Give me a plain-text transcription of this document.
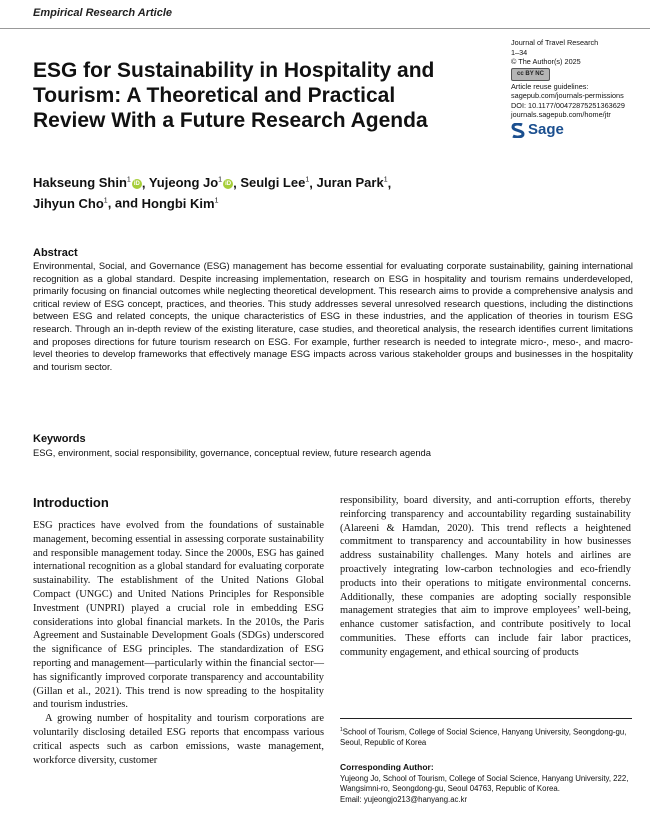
Empirical Research Article
ESG for Sustainability in Hospitality and Tourism: A Theoretical and Practical Review With a Future Research Agenda
Journal of Travel Research
1–34
© The Author(s) 2025
cc BY NC
Article reuse guidelines:
sagepub.com/journals-permissions
DOI: 10.1177/00472875251363629
journals.sagepub.com/home/jtr
Sage
Hakseung Shin$^1$ iD , Yujeong Jo$^1$ iD , Seulgi Lee$^1$, Juran Park$^1$,
Jihyun Cho$^1$, and Hongbi Kim$^1$
Abstract
Environmental, Social, and Governance (ESG) management has become essential for evaluating corporate sustainability, gaining international recognition as a global standard. Despite increasing implementation, research on ESG in hospitality and tourism remains underdeveloped, primarily focusing on financial outcomes while neglecting theoretical development. This research aims to provide a comprehensive analysis and critical review of ESG concept, practices, and theories. This study addresses several unresolved research questions, including the distinctions between ESG and related concepts, the unique characteristics of ESG in these industries, and the application of theories in tourism ESG research. Through an in-depth review of the existing literature, case studies, and theoretical analysis, the research identifies current limitations and proposes directions for future tourism research on ESG. For example, further research is needed to integrate micro-, meso-, and macro-level theories to develop frameworks that effectively manage ESG impacts across various stakeholder groups and businesses in the hospitality and tourism sector.
Keywords
ESG, environment, social responsibility, governance, conceptual review, future research agenda
Introduction

ESG practices have evolved from the foundations of sustainable management, becoming essential in assessing corporate sustainability and responsible management today. Since the 2000s, ESG has gained international recognition as a global standard for evaluating corporate sustainability. The establishment of the United Nations Global Compact (UNGC) and United Nations Principles for Responsible Investment (UNPRI) played a crucial role in embedding ESG considerations into global financial markets. In the 2010s, the Paris Agreement and Sustainable Development Goals (SDGs) underscored the significance of ESG principles. The standardization of ESG reporting and management—particularly within the financial sector—has significantly improved corporate transparency and accountability (Gillan et al., 2021). This trend is now spreading to the hospitality and tourism industries.

A growing number of hospitality and tourism corporations are voluntarily disclosing detailed ESG reports that encompass various critical aspects such as carbon emissions, waste management, workforce diversity, customer

responsibility, board diversity, and anti-corruption efforts, thereby reinforcing transparency and accountability regarding sustainability (Alareeni & Hamdan, 2020). This trend reflects a heightened commitment to transparency and accountability in how businesses address sustainability challenges. Many hotels and airlines are proactively integrating low-carbon technologies and eco-friendly products into their operations to mitigate environmental concerns. Additionally, these companies are adopting socially responsible management strategies that aim to improve employees’ well-being, enhance customer satisfaction, and contribute positively to local communities. These efforts can include fair labor practices, community engagement, and ethical sourcing of products

$^1$School of Tourism, College of Social Science, Hanyang University, Seongdong-gu, Seoul, Republic of Korea
Corresponding Author:
Yujeong Jo, School of Tourism, College of Social Science, Hanyang University, 222, Wangsimni-ro, Seongdong-gu, Seoul 04763, Republic of Korea.
Email: yujeongjo213@hanyang.ac.kr
